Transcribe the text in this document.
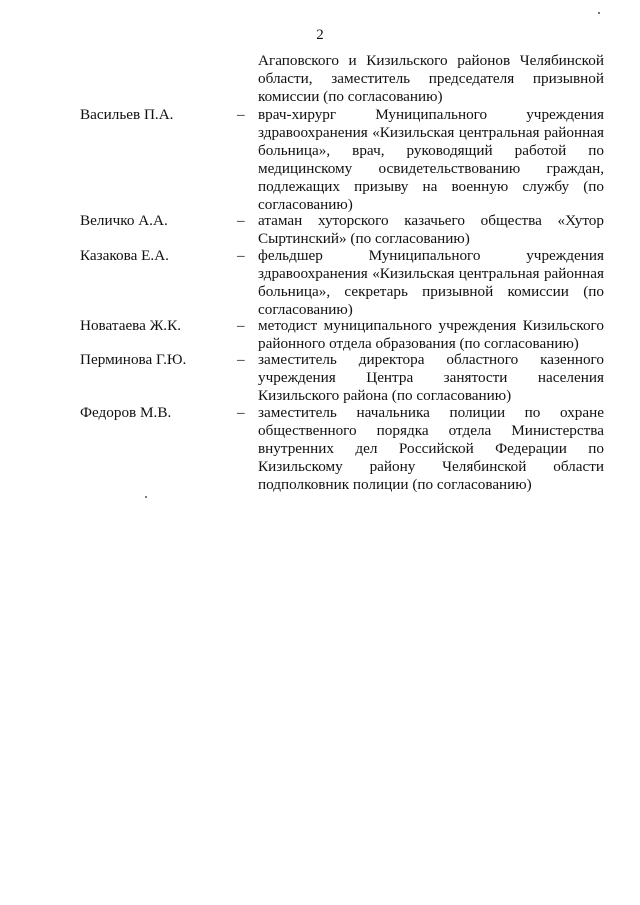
2
Агаповского и Кизильского районов Челябинской области, заместитель председателя призывной комиссии (по согласованию)
Васильев П.А.	– врач-хирург Муниципального учреждения здравоохранения «Кизильская центральная районная больница», врач, руководящий работой по медицинскому освидетельствованию граждан, подлежащих призыву на военную службу (по согласованию)
Величко А.А.	– атаман хуторского казачьего общества «Хутор Сыртинский» (по согласованию)
Казакова Е.А.	– фельдшер Муниципального учреждения здравоохранения «Кизильская центральная районная больница», секретарь призывной комиссии (по согласованию)
Новатаева Ж.К.	– методист муниципального учреждения Кизильского районного отдела образования (по согласованию)
Перминова Г.Ю.	– заместитель директора областного казенного учреждения Центра занятости населения Кизильского района (по согласованию)
Федоров М.В.	– заместитель начальника полиции по охране общественного порядка отдела Министерства внутренних дел Российской Федерации по Кизильскому району Челябинской области подполковник полиции (по согласованию)
